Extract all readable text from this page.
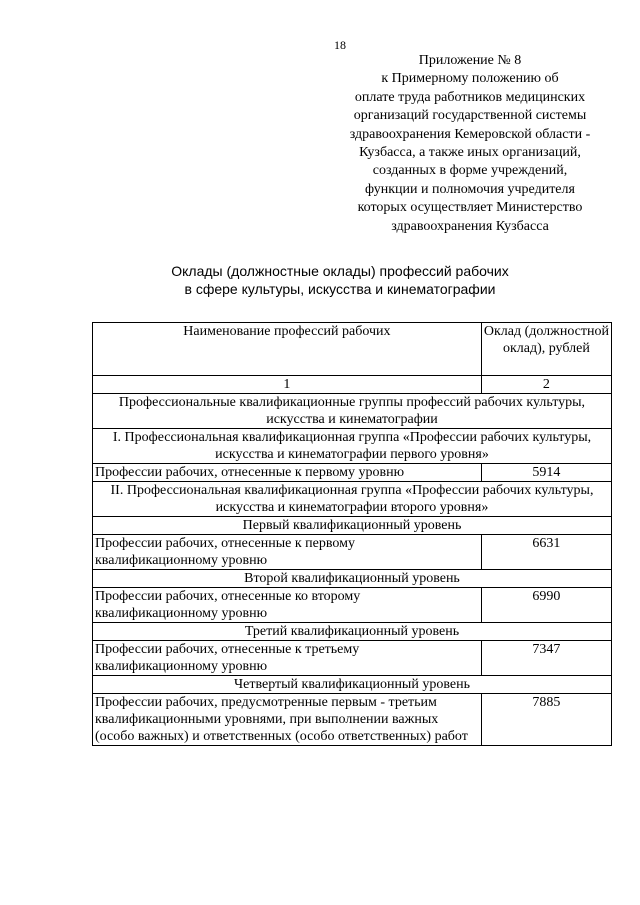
18
Приложение № 8
к Примерному положению об
оплате труда работников медицинских
организаций государственной системы
здравоохранения Кемеровской области -
Кузбасса, а также иных организаций,
созданных в форме учреждений,
функции и полномочия учредителя
которых осуществляет Министерство
здравоохранения Кузбасса
Оклады (должностные оклады) профессий рабочих
в сфере культуры, искусства и кинематографии
Наименование профессий рабочих	Оклад (должностной оклад), рублей
1	2
Профессиональные квалификационные группы профессий рабочих культуры, искусства и кинематографии	
I. Профессиональная квалификационная группа «Профессии рабочих культуры, искусства и кинематографии первого уровня»	
Профессии рабочих, отнесенные к первому уровню	5914
II. Профессиональная квалификационная группа «Профессии рабочих культуры, искусства и кинематографии второго уровня»	
Первый квалификационный уровень	
Профессии рабочих, отнесенные к первому квалификационному уровню	6631
Второй квалификационный уровень	
Профессии рабочих, отнесенные ко второму квалификационному уровню	6990
Третий квалификационный уровень	
Профессии рабочих, отнесенные к третьему квалификационному уровню	7347
Четвертый квалификационный уровень	
Профессии рабочих, предусмотренные первым - третьим квалификационными уровнями, при выполнении важных (особо важных) и ответственных (особо ответственных) работ	7885
